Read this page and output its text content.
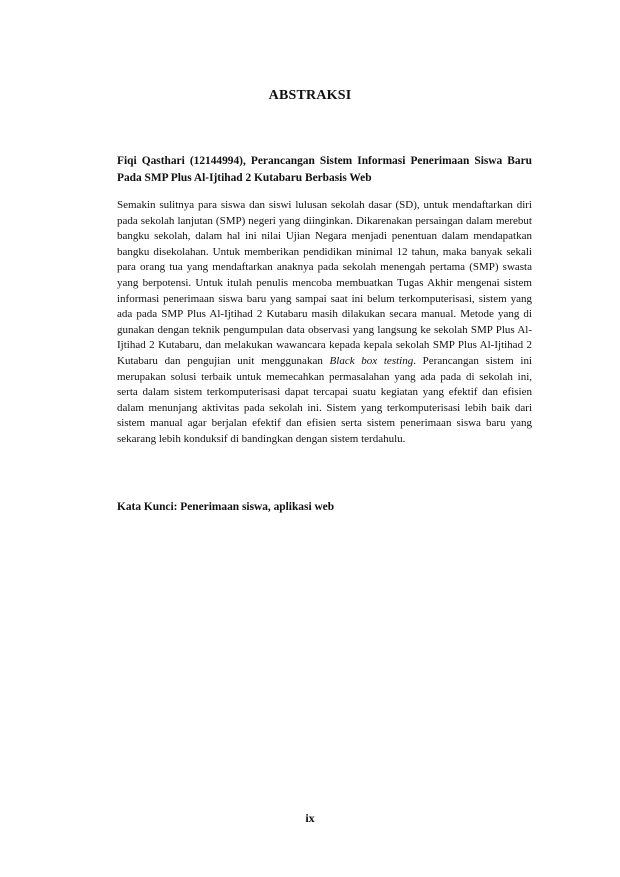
ABSTRAKSI
Fiqi Qasthari (12144994), Perancangan Sistem Informasi Penerimaan Siswa Baru Pada SMP Plus Al-Ijtihad 2 Kutabaru Berbasis Web

Semakin sulitnya para siswa dan siswi lulusan sekolah dasar (SD), untuk mendaftarkan diri pada sekolah lanjutan (SMP) negeri yang diinginkan. Dikarenakan persaingan dalam merebut bangku sekolah, dalam hal ini nilai Ujian Negara menjadi penentuan dalam mendapatkan bangku disekolahan. Untuk memberikan pendidikan minimal 12 tahun, maka banyak sekali para orang tua yang mendaftarkan anaknya pada sekolah menengah pertama (SMP) swasta yang berpotensi. Untuk itulah penulis mencoba membuatkan Tugas Akhir mengenai sistem informasi penerimaan siswa baru yang sampai saat ini belum terkomputerisasi, sistem yang ada pada SMP Plus Al-Ijtihad 2 Kutabaru masih dilakukan secara manual. Metode yang di gunakan dengan teknik pengumpulan data observasi yang langsung ke sekolah SMP Plus Al-Ijtihad 2 Kutabaru, dan melakukan wawancara kepada kepala sekolah SMP Plus Al-Ijtihad 2 Kutabaru dan pengujian unit menggunakan Black box testing. Perancangan sistem ini merupakan solusi terbaik untuk memecahkan permasalahan yang ada pada di sekolah ini, serta dalam sistem terkomputerisasi dapat tercapai suatu kegiatan yang efektif dan efisien dalam menunjang aktivitas pada sekolah ini. Sistem yang terkomputerisasi lebih baik dari sistem manual agar berjalan efektif dan efisien serta sistem penerimaan siswa baru yang sekarang lebih konduksif di bandingkan dengan sistem terdahulu.

Kata Kunci: Penerimaan siswa, aplikasi web
ix
